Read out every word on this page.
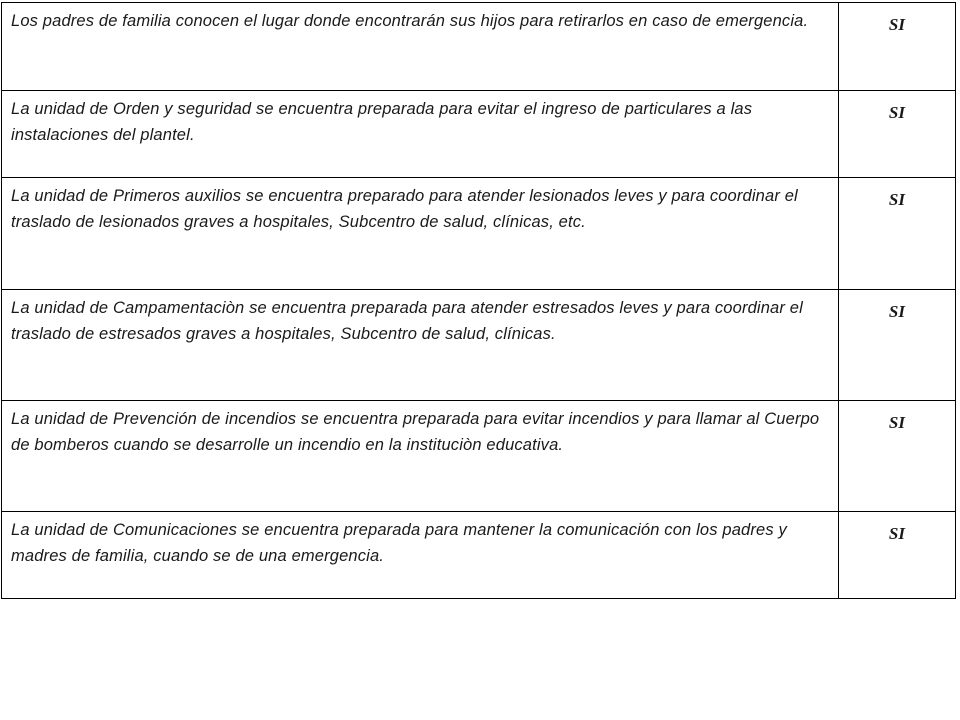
Los padres de familia conocen el lugar donde encontrarán sus hijos para retirarlos en caso de emergencia.	SI

La unidad de Orden y seguridad se encuentra preparada para evitar el ingreso de particulares a las instalaciones del plantel.	SI

La unidad de Primeros auxilios se encuentra preparado para atender lesionados leves y para coordinar el traslado de lesionados graves a hospitales, Subcentro de salud, clínicas, etc.	SI

La unidad de Campamentaciòn se encuentra preparada para atender estresados leves y para coordinar el traslado de estresados graves a hospitales, Subcentro de salud, clínicas.	SI

La unidad de Prevención de incendios se encuentra preparada para evitar incendios y para llamar al Cuerpo de bomberos cuando se desarrolle un incendio en la instituciòn educativa.	SI

La unidad de Comunicaciones se encuentra preparada para mantener la comunicación con los padres y madres de familia, cuando se de una emergencia.	SI
